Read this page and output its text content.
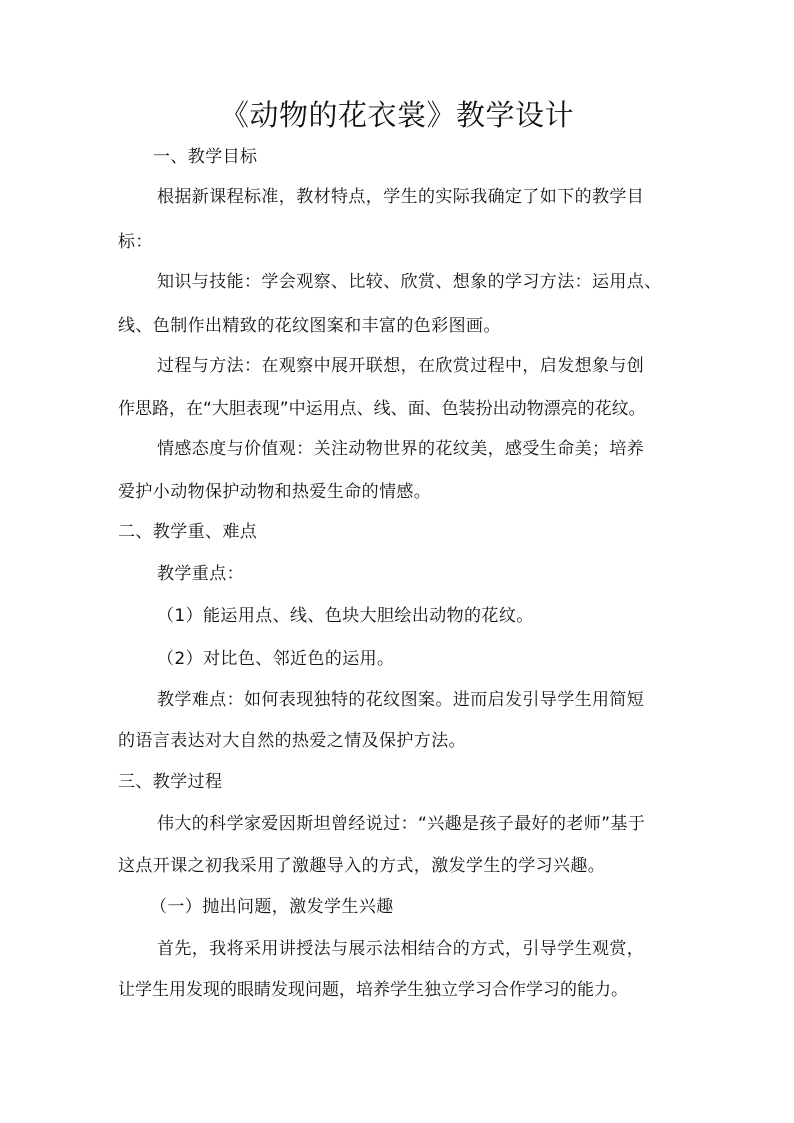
《动物的花衣裳》教学设计
一、教学目标
根据新课程标准，教材特点，学生的实际我确定了如下的教学目
标：
知识与技能：学会观察、比较、欣赏、想象的学习方法：运用点、
线、色制作出精致的花纹图案和丰富的色彩图画。
过程与方法：在观察中展开联想，在欣赏过程中，启发想象与创
作思路，在“大胆表现”中运用点、线、面、色装扮出动物漂亮的花纹。
情感态度与价值观：关注动物世界的花纹美，感受生命美；培养
爱护小动物保护动物和热爱生命的情感。
二、教学重、难点
教学重点：
（1）能运用点、线、色块大胆绘出动物的花纹。
（2）对比色、邻近色的运用。
教学难点：如何表现独特的花纹图案。进而启发引导学生用简短
的语言表达对大自然的热爱之情及保护方法。
三、教学过程
伟大的科学家爱因斯坦曾经说过：“兴趣是孩子最好的老师”基于
这点开课之初我采用了激趣导入的方式，激发学生的学习兴趣。
（一）抛出问题，激发学生兴趣
首先，我将采用讲授法与展示法相结合的方式，引导学生观赏，
让学生用发现的眼睛发现问题，培养学生独立学习合作学习的能力。
